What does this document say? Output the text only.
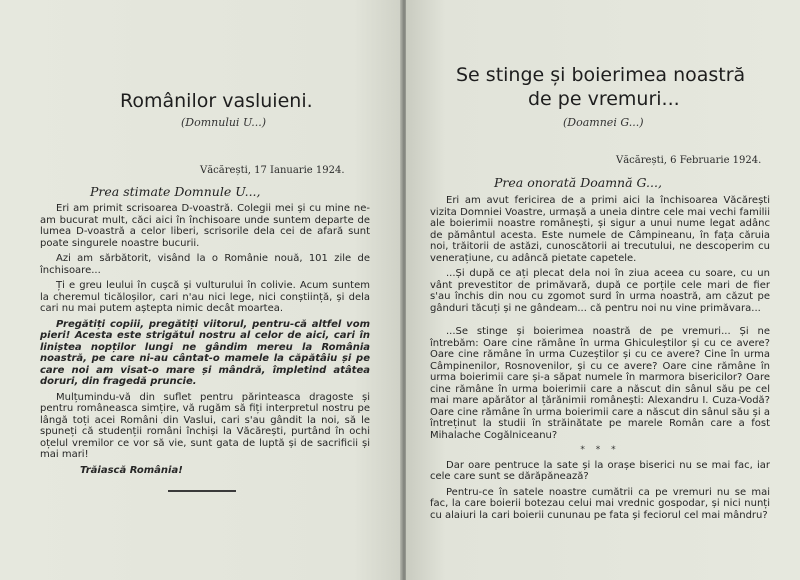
Românilor vasluieni.
(Domnului U...)
Văcărești, 17 Ianuarie 1924.
Prea stimate Domnule U...,

Eri am primit scrisoarea D-voastră. Colegii mei și cu mine ne-am bucurat mult, căci aici în închisoare unde suntem departe de lumea D-voastră a celor liberi, scrisorile dela cei de afară sunt poate singurele noastre bucurii.

Azi am sărbătorit, visând la o Românie nouă, 101 zile de închisoare...

Ți e greu leului în cușcă și vulturului în colivie. Acum suntem la cheremul ticăloșilor, cari n'au nici lege, nici conștiință, și dela cari nu mai putem aștepta nimic decât moartea.

Pregătiți copiii, pregătiți viitorul, pentru-că altfel vom pieri! Acesta este strigătul nostru al celor de aici, cari în liniștea nopților lungi ne gândim mereu la România noastră, pe care ni-au cântat-o mamele la căpătâiu și pe care noi am visat-o mare și mândră, împletind atâtea doruri, din fragedă pruncie.

Mulțumindu-vă din suflet pentru părinteasca dragoste și pentru româneasca simțire, vă rugăm să fiți interpretul nostru pe lângă toți acei Români din Vaslui, cari s'au gândit la noi, să le spuneți că studenții români închiși la Văcărești, purtând în ochi oțelul vremilor ce vor să vie, sunt gata de luptă și de sacrificii și mai mari!

Trăiască România!

Se stinge și boierimea noastră
de pe vremuri...
(Doamnei G...)
Văcărești, 6 Februarie 1924.
Prea onorată Doamnă G...,

Eri am avut fericirea de a primi aici la închisoarea Văcărești vizita Domniei Voastre, urmașă a uneia dintre cele mai vechi familii ale boierimii noastre românești, și sigur a unui nume legat adânc de pământul acesta. Este numele de Câmpineanu, în fața căruia noi, trăitorii de astăzi, cunoscătorii ai trecutului, ne descoperim cu venerațiune, cu adâncă pietate capetele.

...Și după ce ați plecat dela noi în ziua aceea cu soare, cu un vânt prevestitor de primăvară, după ce porțile cele mari de fier s'au închis din nou cu zgomot surd în urma noastră, am căzut pe gânduri tăcuți și ne gândeam... că pentru noi nu vine primăvara...

...Se stinge și boierimea noastră de pe vremuri... Și ne întrebăm: Oare cine rămâne în urma Ghiculeștilor și cu ce avere? Oare cine rămâne în urma Cuzeștilor și cu ce avere? Cine în urma Câmpinenilor, Rosnovenilor, și cu ce avere? Oare cine rămâne în urma boierimii care și-a săpat numele în marmora bisericilor? Oare cine rămâne în urma boierimii care a născut din sânul său pe cel mai mare apărător al țărănimii românești: Alexandru I. Cuza-Vodă? Oare cine rămâne în urma boierimii care a născut din sânul său și a întreținut la studii în străinătate pe marele Român care a fost Mihalache Cogălniceanu?

* * *

Dar oare pentruce la sate și la orașe biserici nu se mai fac, iar cele care sunt se dărăpănează?

Pentru-ce în satele noastre cumătrii ca pe vremuri nu se mai fac, la care boierii botezau celui mai vrednic gospodar, și nici nunți cu alaiuri la cari boierii cununau pe fata și feciorul cel mai mândru?
